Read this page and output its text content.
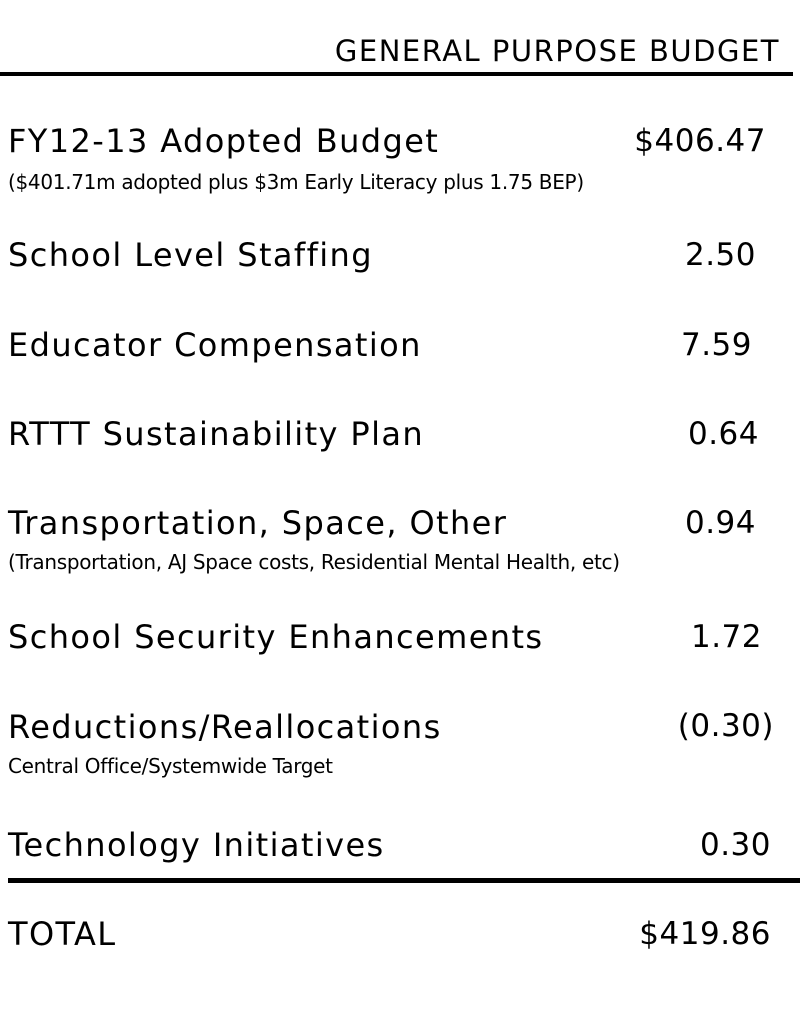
GENERAL PURPOSE BUDGET
FY12-13 Adopted Budget	$406.47
($401.71m adopted plus $3m Early Literacy plus 1.75 BEP)
School Level Staffing	2.50
Educator Compensation	7.59
RTTT Sustainability Plan	0.64
Transportation, Space, Other	0.94
(Transportation, AJ Space costs, Residential Mental Health, etc)
School Security Enhancements	1.72
Reductions/Reallocations	(0.30)
Central Office/Systemwide Target
Technology Initiatives	0.30
TOTAL	$419.86
